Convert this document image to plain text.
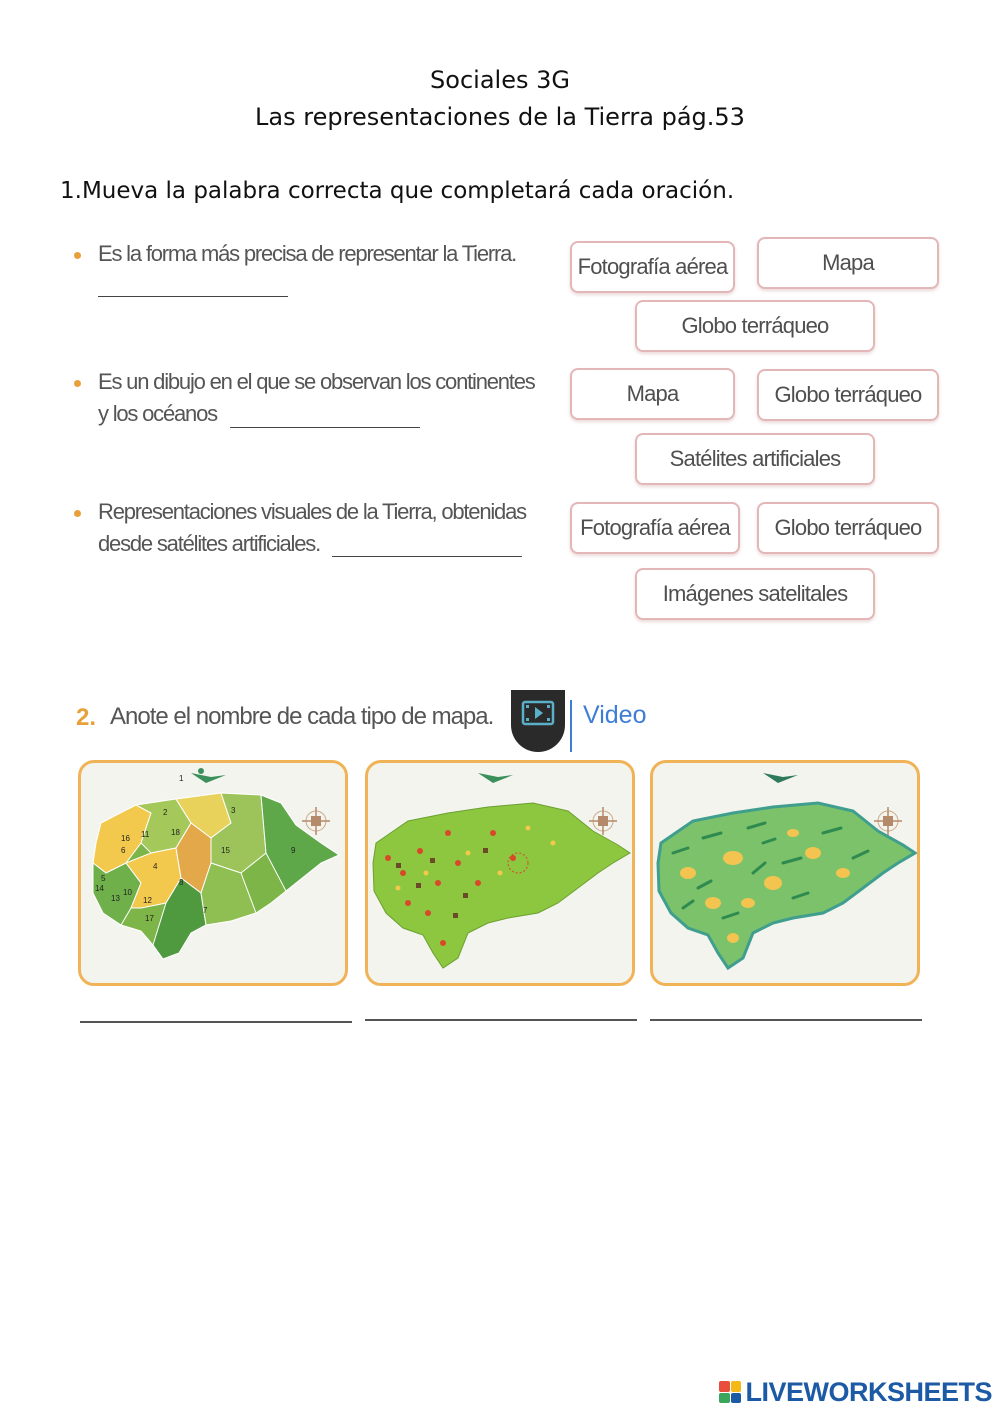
Sociales 3G
Las representaciones de la Tierra pág.53
1.Mueva la palabra correcta que completará cada oración.
Es la forma más precisa de representar la Tierra.
Fotografía aérea	Mapa
Globo terráqueo
Es un dibujo en el que se observan los continentes
y los océanos
Mapa	Globo terráqueo
Satélites artificiales
Representaciones visuales de la Tierra, obtenidas
desde satélites artificiales.
Fotografía aérea	Globo terráqueo
Imágenes satelitales
2. Anote el nombre de cada tipo de mapa.	Video
1
2	3
4
5
6
7
8
9
10
11
12
13
14
15
16
17
18
LIVEWORKSHEETS
